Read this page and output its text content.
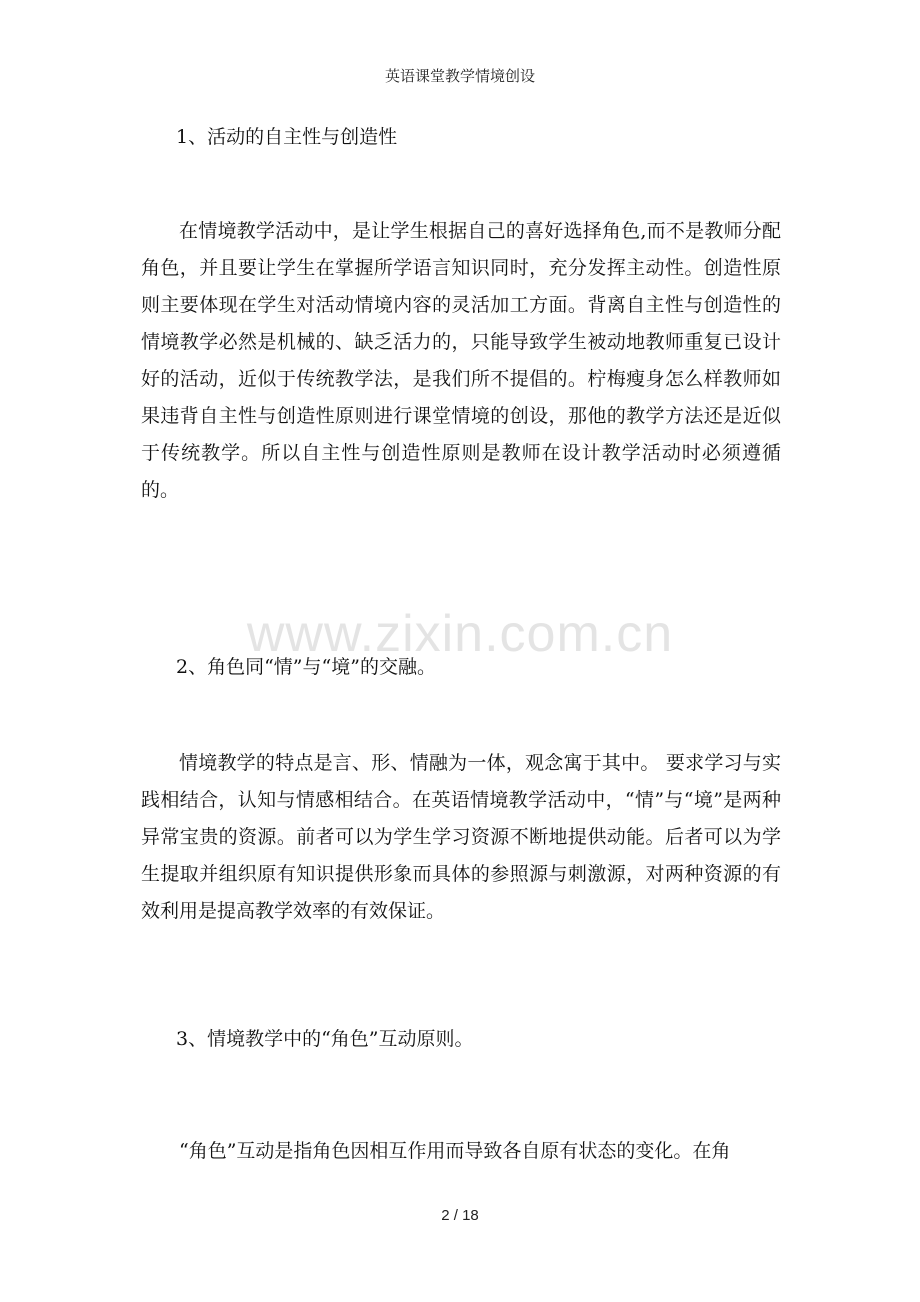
英语课堂教学情境创设
1、活动的自主性与创造性
在情境教学活动中，是让学生根据自己的喜好选择角色,而不是教师分配角色，并且要让学生在掌握所学语言知识同时，充分发挥主动性。创造性原则主要体现在学生对活动情境内容的灵活加工方面。背离自主性与创造性的情境教学必然是机械的、缺乏活力的，只能导致学生被动地教师重复已设计好的活动，近似于传统教学法，是我们所不提倡的。柠梅瘦身怎么样教师如果违背自主性与创造性原则进行课堂情境的创设，那他的教学方法还是近似于传统教学。所以自主性与创造性原则是教师在设计教学活动时必须遵循的。
2、角色同“情”与“境”的交融。
情境教学的特点是言、形、情融为一体，观念寓于其中。 要求学习与实践相结合，认知与情感相结合。在英语情境教学活动中，“情”与“境”是两种异常宝贵的资源。前者可以为学生学习资源不断地提供动能。后者可以为学生提取并组织原有知识提供形象而具体的参照源与刺激源，对两种资源的有效利用是提高教学效率的有效保证。
3、情境教学中的“角色”互动原则。
“角色”互动是指角色因相互作用而导致各自原有状态的变化。在角
www.zixin.com.cn
2 / 18
